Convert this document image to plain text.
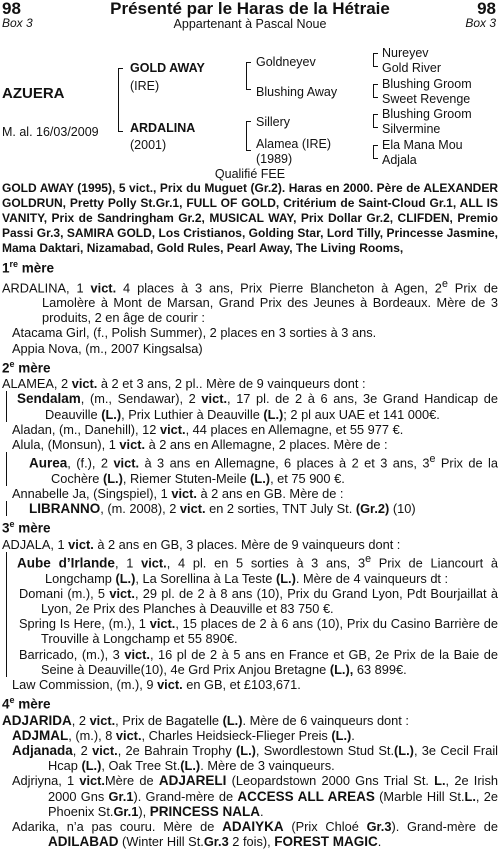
98
Box 3
Présenté par le Haras de la Hétraie
Appartenant à Pascal Noue
98
Box 3
AZUERA
M. al. 16/03/2009
GOLD AWAY
(IRE)
ARDALINA
(2001)
Goldneyev
Blushing Away
Sillery
Alamea (IRE)
(1989)
Nureyev
Gold River
Blushing Groom
Sweet Revenge
Blushing Groom
Silvermine
Ela Mana Mou
Adjala
Qualifié FEE

GOLD AWAY (1995), 5 vict., Prix du Muguet (Gr.2). Haras en 2000. Père de ALEXANDER GOLDRUN, Pretty Polly St.Gr.1, FULL OF GOLD, Critérium de Saint-Cloud Gr.1, ALL IS VANITY, Prix de Sandringham Gr.2, MUSICAL WAY, Prix Dollar Gr.2, CLIFDEN, Premio Passi Gr.3, SAMIRA GOLD, Los Cristianos, Golding Star, Lord Tilly, Princesse Jasmine, Mama Daktari, Nizamabad, Gold Rules, Pearl Away, The Living Rooms,

1re mère

ARDALINA, 1 vict. 4 places à 3 ans, Prix Pierre Blancheton à Agen, 2e Prix de Lamolère à Mont de Marsan, Grand Prix des Jeunes à Bordeaux. Mère de 3 produits, 2 en âge de courir :

Atacama Girl, (f., Polish Summer), 2 places en 3 sorties à 3 ans.

Appia Nova, (m., 2007 Kingsalsa)

2e mère

ALAMEA, 2 vict. à 2 et 3 ans, 2 pl.. Mère de 9 vainqueurs dont :

Sendalam, (m., Sendawar), 2 vict., 17 pl. de 2 à 6 ans, 3e Grand Handicap de Deauville (L.), Prix Luthier à Deauville (L.); 2 pl aux UAE et 141 000€.

Aladan, (m., Danehill), 12 vict., 44 places en Allemagne, et 55 977 €.

Alula, (Monsun), 1 vict. à 2 ans en Allemagne, 2 places. Mère de :

Aurea, (f.), 2 vict. à 3 ans en Allemagne, 6 places à 2 et 3 ans, 3e Prix de la Cochère (L.), Riemer Stuten-Meile (L.), et 75 900 €.

Annabelle Ja, (Singspiel), 1 vict. à 2 ans en GB. Mère de :

LIBRANNO, (m. 2008), 2 vict. en 2 sorties, TNT July St. (Gr.2) (10)

3e mère

ADJALA, 1 vict. à 2 ans en GB, 3 places. Mère de 9 vainqueurs dont :

Aube d’Irlande, 1 vict., 4 pl. en 5 sorties à 3 ans, 3e Prix de Liancourt à Longchamp (L.), La Sorellina à La Teste (L.). Mère de 4 vainqueurs dt :

Domani (m.), 5 vict., 29 pl. de 2 à 8 ans (10), Prix du Grand Lyon, Pdt Bourjaillat à Lyon, 2e Prix des Planches à Deauville et 83 750 €.

Spring Is Here, (m.), 1 vict., 15 places de 2 à 6 ans (10), Prix du Casino Barrière de Trouville à Longchamp et 55 890€.

Barricado, (m.), 3 vict., 16 pl de 2 à 5 ans en France et GB, 2e Prix de la Baie de Seine à Deauville(10), 4e Grd Prix Anjou Bretagne (L.), 63 899€.

Law Commission, (m.), 9 vict. en GB, et £103,671.

4e mère

ADJARIDA, 2 vict., Prix de Bagatelle (L.). Mère de 6 vainqueurs dont :

ADJMAL, (m.), 8 vict., Charles Heidsieck-Flieger Preis (L.).

Adjanada, 2 vict., 2e Bahrain Trophy (L.), Swordlestown Stud St.(L.), 3e Cecil Frail Hcap (L.), Oak Tree St.(L.). Mère de 3 vainqueurs.

Adjriyna, 1 vict.Mère de ADJARELI (Leopardstown 2000 Gns Trial St. L., 2e Irish 2000 Gns Gr.1). Grand-mère de ACCESS ALL AREAS (Marble Hill St.L., 2e Phoenix St.Gr.1), PRINCESS NALA.

Adarika, n’a pas couru. Mère de ADAIYKA (Prix Chloé Gr.3). Grand-mère de ADILABAD (Winter Hill St.Gr.3 2 fois), FOREST MAGIC.
